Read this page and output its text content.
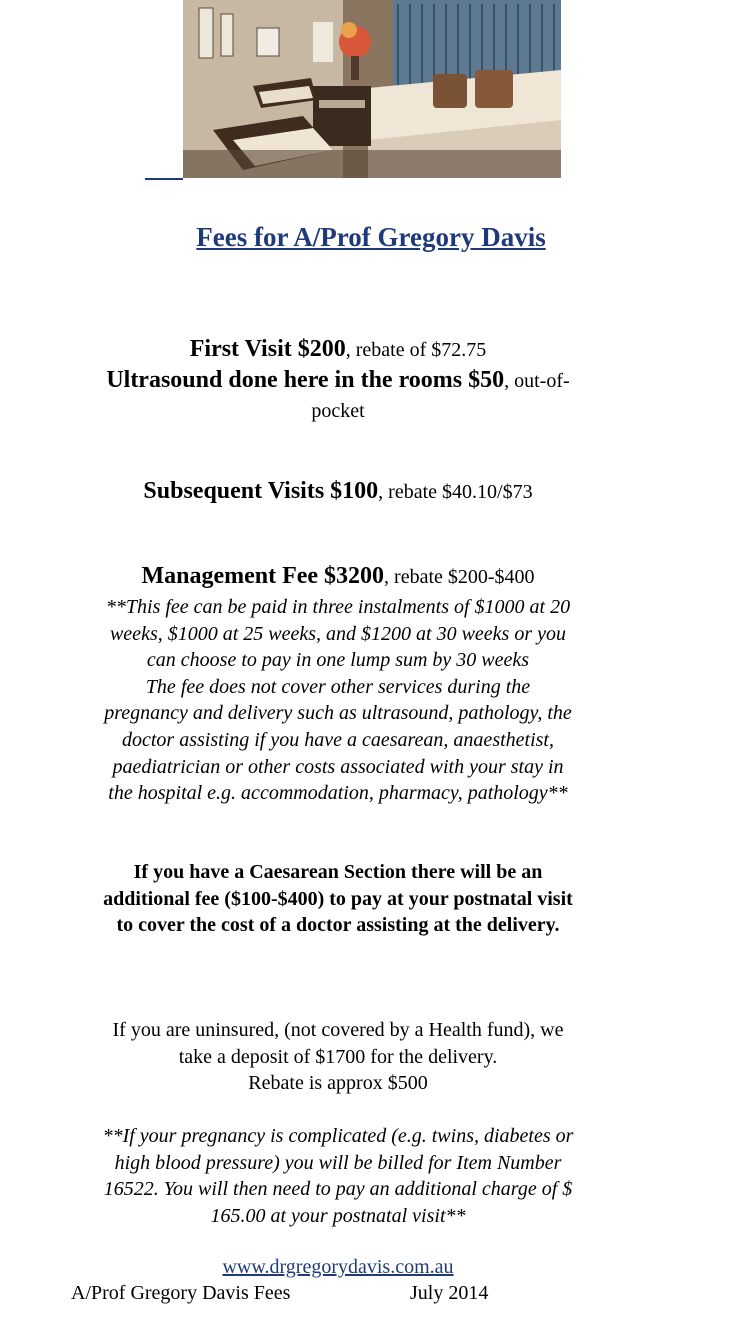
Fees for A/Prof Gregory Davis
First Visit $200, rebate of $72.75
Ultrasound done here in the rooms $50, out-of-
pocket
Subsequent Visits $100, rebate $40.10/$73
Management Fee $3200, rebate $200-$400
**This fee can be paid in three instalments of $1000 at 20
weeks, $1000 at 25 weeks, and $1200 at 30 weeks or you
can choose to pay in one lump sum by 30 weeks
The fee does not cover other services during the
pregnancy and delivery such as ultrasound, pathology, the
doctor assisting if you have a caesarean, anaesthetist,
paediatrician or other costs associated with your stay in
the hospital e.g. accommodation, pharmacy, pathology**
If you have a Caesarean Section there will be an
additional fee ($100-$400) to pay at your postnatal visit
to cover the cost of a doctor assisting at the delivery.
If you are uninsured, (not covered by a Health fund), we
take a deposit of $1700 for the delivery.
Rebate is approx $500
**If your pregnancy is complicated (e.g. twins, diabetes or
high blood pressure) you will be billed for Item Number
16522. You will then need to pay an additional charge of $
165.00 at your postnatal visit**
www.drgregorydavis.com.au
A/Prof Gregory Davis Fees	July 2014
